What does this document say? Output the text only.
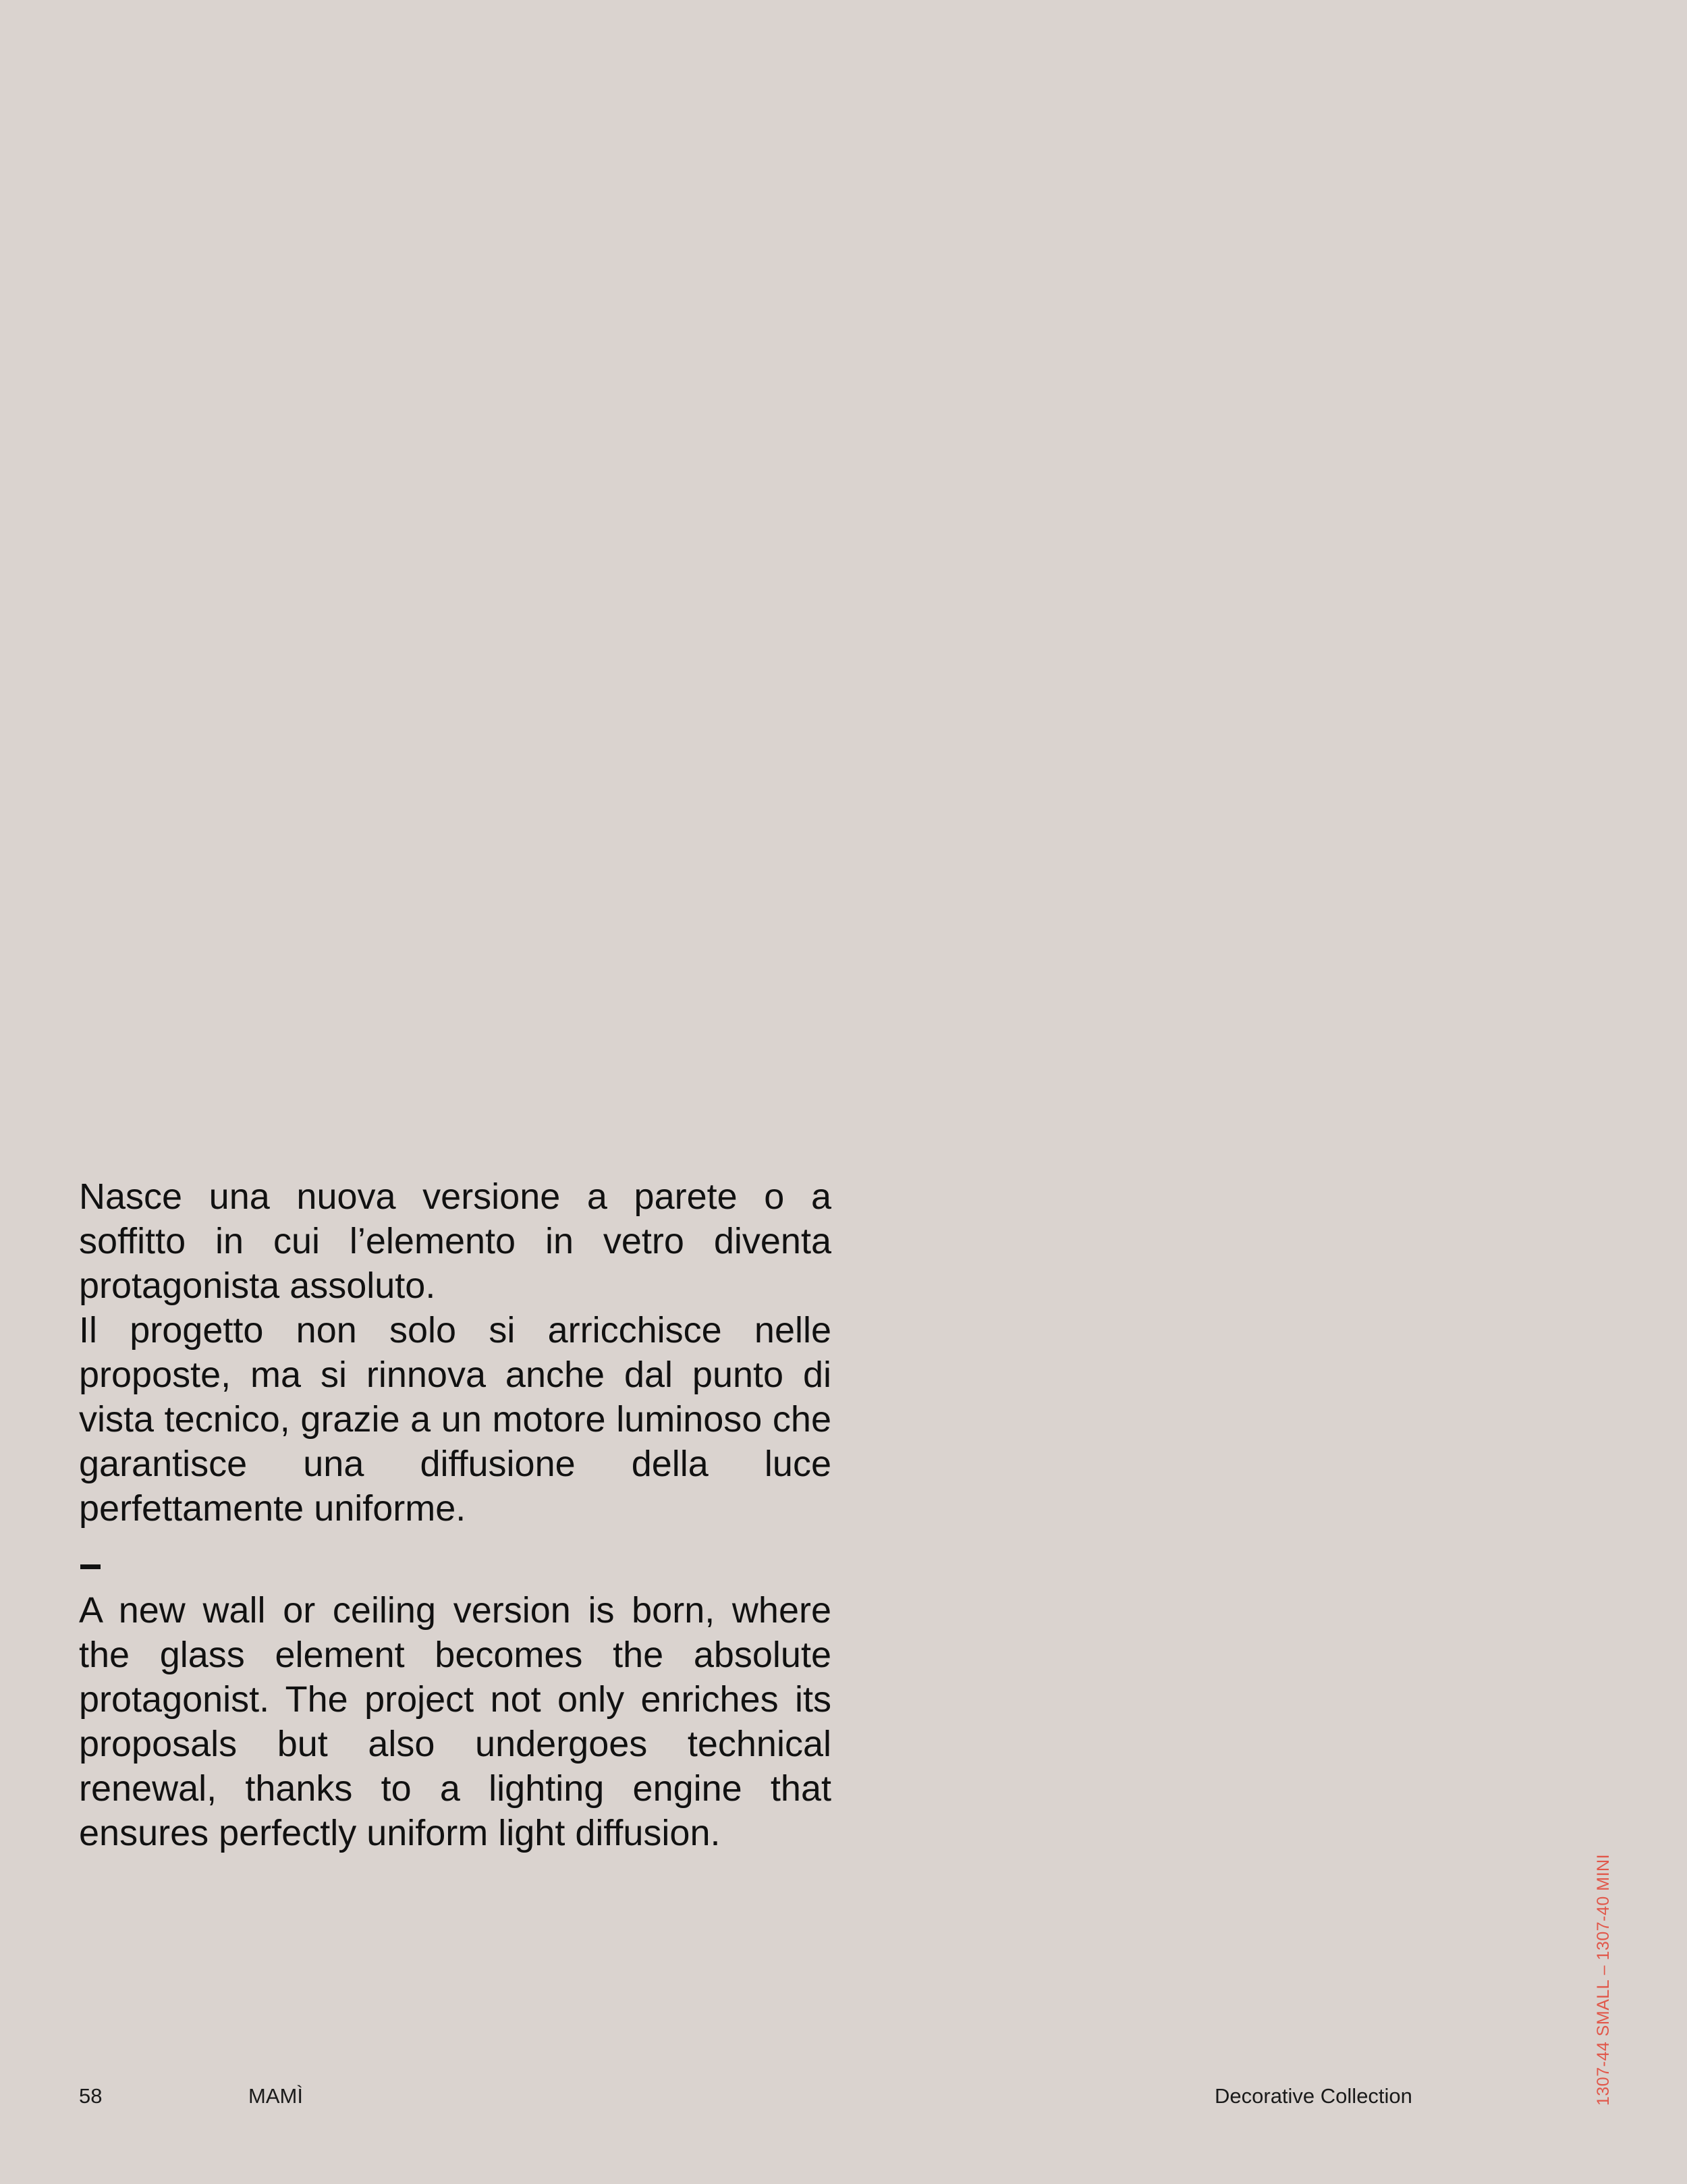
Nasce una nuova versione a parete o a soffitto in cui l’elemento in vetro diventa protagonista assoluto.

Il progetto non solo si arricchisce nelle proposte, ma si rinnova anche dal punto di vista tecnico, grazie a un motore luminoso che garantisce una diffusione della luce perfettamente uniforme.

A new wall or ceiling version is born, where the glass element becomes the absolute protagonist. The project not only enriches its proposals but also undergoes technical renewal, thanks to a lighting engine that ensures perfectly uniform light diffusion.

58	MAMÌ	Decorative Collection	1307-44 SMALL – 1307-40 MINI
